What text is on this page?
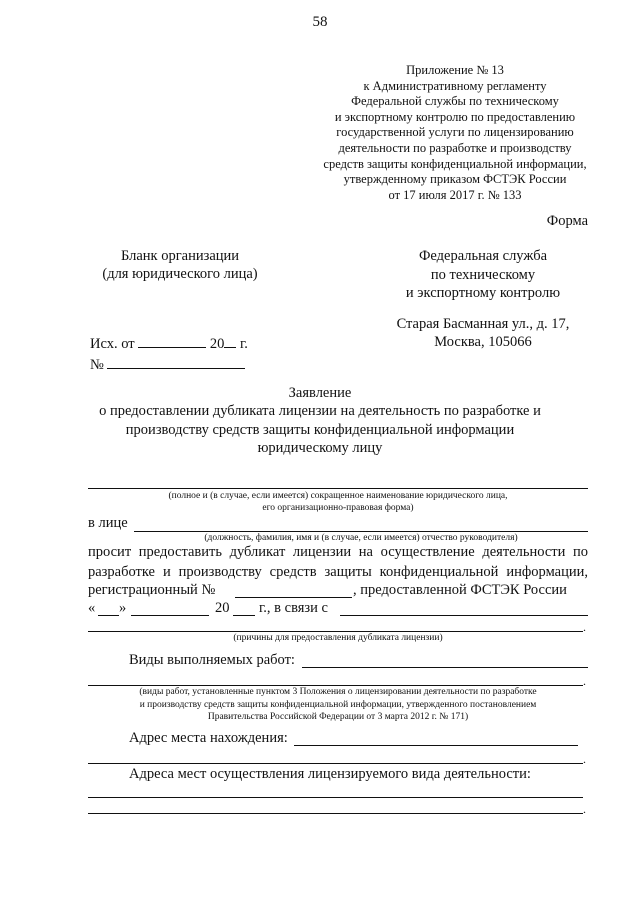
58
Приложение № 13
к Административному регламенту
Федеральной службы по техническому
и экспортному контролю по предоставлению
государственной услуги по лицензированию
деятельности по разработке и производству
средств защиты конфиденциальной информации,
утвержденному приказом ФСТЭК России
от 17 июля 2017 г. № 133
Форма
Бланк организации
(для юридического лица)
Федеральная служба
по техническому
и экспортному контролю
Старая Басманная ул., д. 17,
Москва, 105066
Исх. от	20 г.
№
Заявление
о предоставлении дубликата лицензии на деятельность по разработке и
производству средств защиты конфиденциальной информации
юридическому лицу
(полное и (в случае, если имеется) сокращенное наименование юридического лица,
его организационно-правовая форма)
в лице
(должность, фамилия, имя и (в случае, если имеется) отчество руководителя)
просит предоставить дубликат лицензии на осуществление деятельности по
разработке и производству средств защиты конфиденциальной информации,
регистрационный №	, предоставленной ФСТЭК России
« »	20 г., в связи с
.
(причины для предоставления дубликата лицензии)
Виды выполняемых работ:
.
(виды работ, установленные пунктом 3 Положения о лицензировании деятельности по разработке
и производству средств защиты конфиденциальной информации, утвержденного постановлением
Правительства Российской Федерации от 3 марта 2012 г. № 171)
Адрес места нахождения:
.
Адреса мест осуществления лицензируемого вида деятельности:
.
